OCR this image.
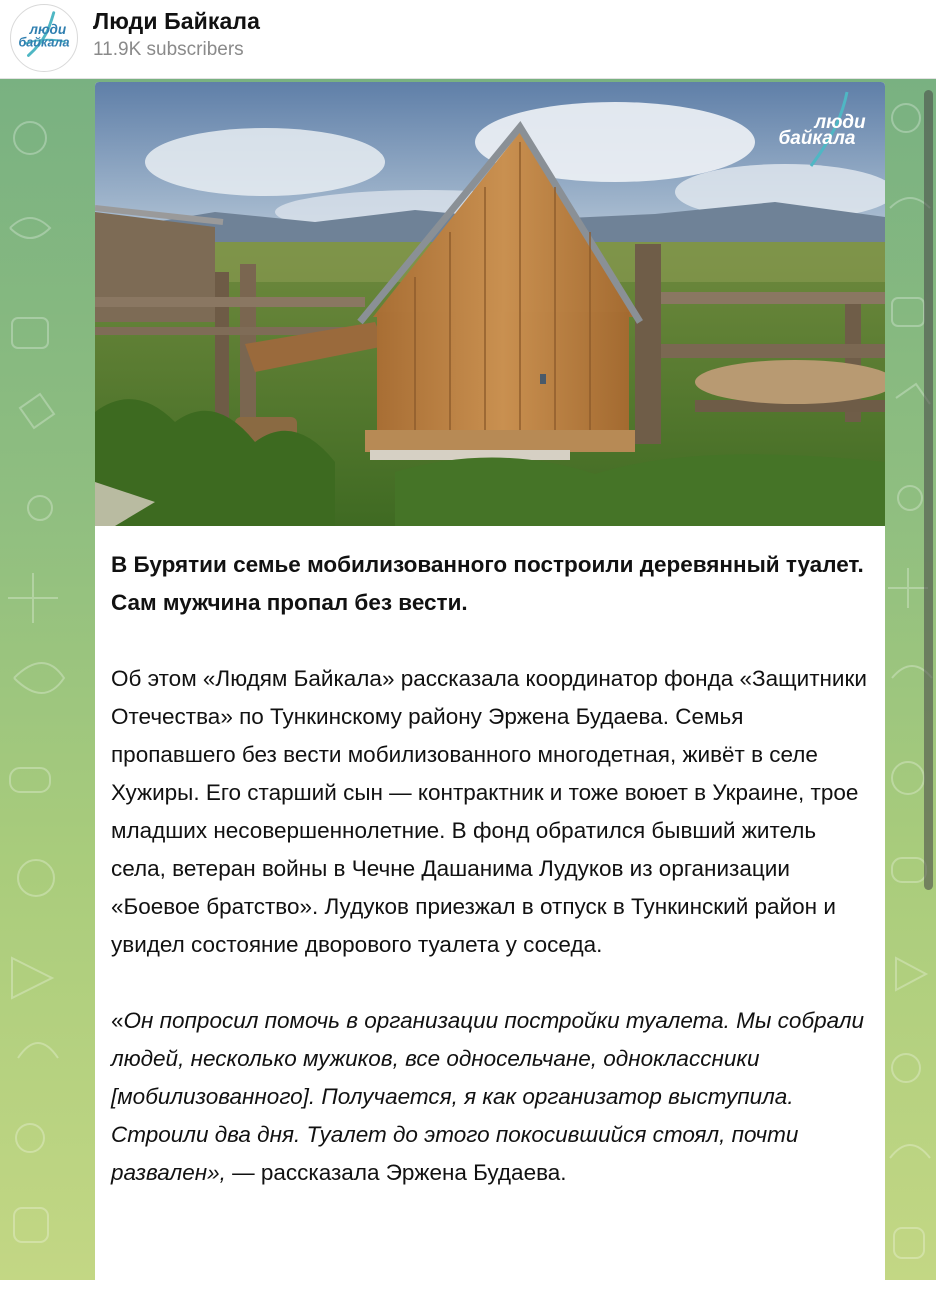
люди
байкала
Люди Байкала
11.9K subscribers
люди
байкала

В Бурятии семье мобилизованного построили деревянный туалет. Сам мужчина пропал без вести.

Об этом «Людям Байкала» рассказала координатор фонда «Защитники Отечества» по Тункинскому району Эржена Будаева. Семья пропавшего без вести мобилизованного многодетная, живёт в селе Хужиры. Его старший сын — контрактник и тоже воюет в Украине, трое младших несовершеннолетние. В фонд обратился бывший житель села, ветеран войны в Чечне Дашанима Лудуков из организации «Боевое братство». Лудуков приезжал в отпуск в Тункинский район и увидел состояние дворового туалета у соседа.

«Он попросил помочь в организации постройки туалета. Мы собрали людей, несколько мужиков, все односельчане, одноклассники [мобилизованного]. Получается, я как организатор выступила. Строили два дня. Туалет до этого покосившийся стоял, почти развален», — рассказала Эржена Будаева.
